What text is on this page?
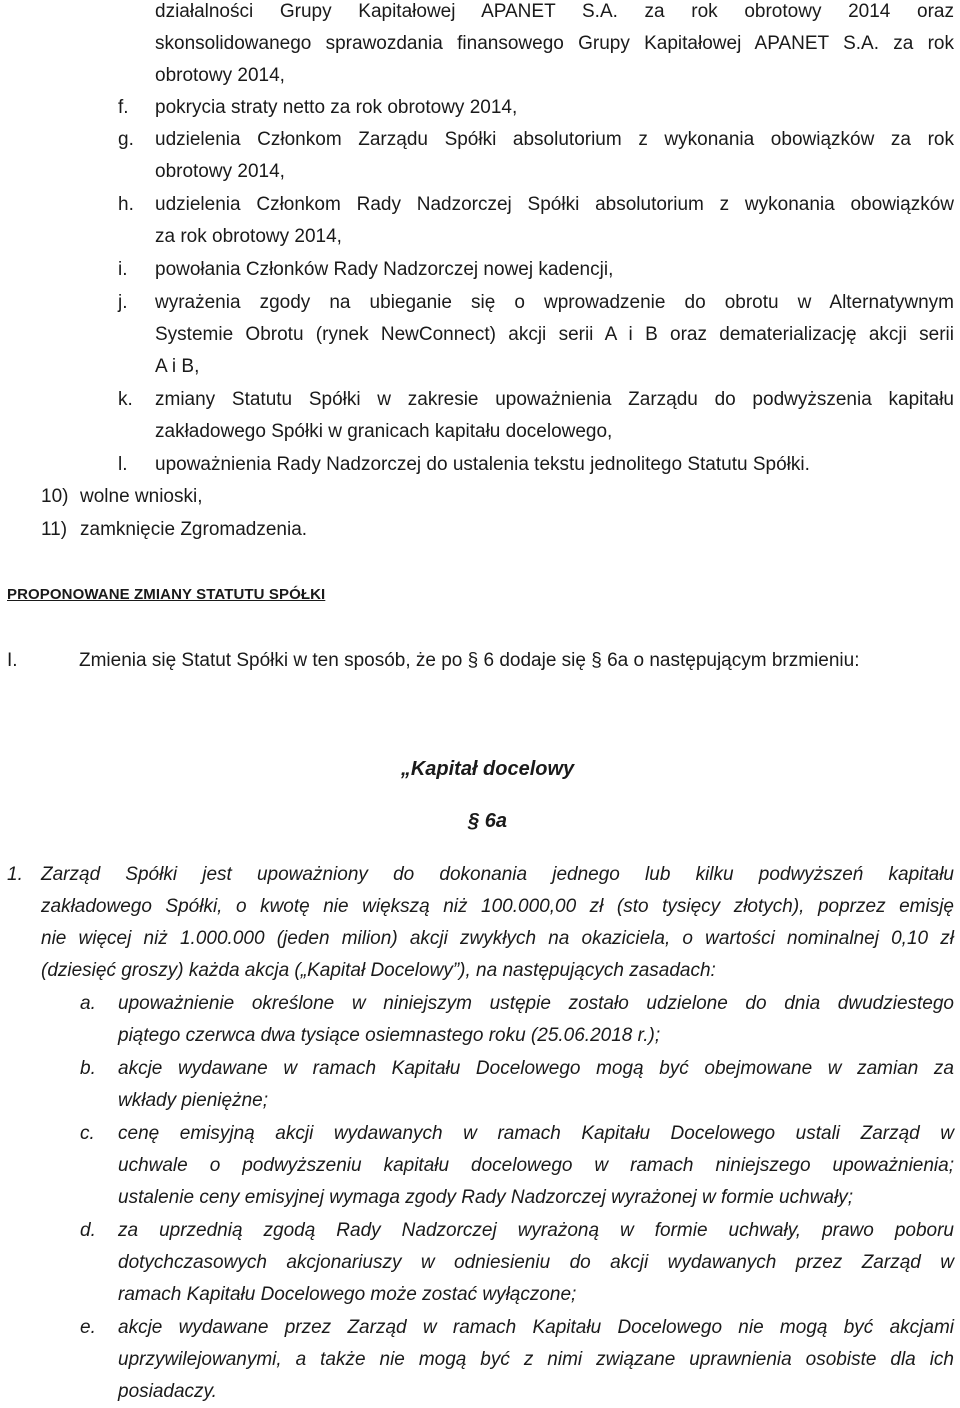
działalności Grupy Kapitałowej APANET S.A. za rok obrotowy 2014 oraz
skonsolidowanego sprawozdania finansowego Grupy Kapitałowej APANET S.A. za rok
obrotowy 2014,
f. pokrycia straty netto za rok obrotowy 2014,
g. udzielenia Członkom Zarządu Spółki absolutorium z wykonania obowiązków za rok
obrotowy 2014,
h. udzielenia Członkom Rady Nadzorczej Spółki absolutorium z wykonania obowiązków
za rok obrotowy 2014,
i. powołania Członków Rady Nadzorczej nowej kadencji,
j. wyrażenia zgody na ubieganie się o wprowadzenie do obrotu w Alternatywnym
Systemie Obrotu (rynek NewConnect) akcji serii A i B oraz dematerializację akcji serii
A i B,
k. zmiany Statutu Spółki w zakresie upoważnienia Zarządu do podwyższenia kapitału
zakładowego Spółki w granicach kapitału docelowego,
l. upoważnienia Rady Nadzorczej do ustalenia tekstu jednolitego Statutu Spółki.
10) wolne wnioski,
11) zamknięcie Zgromadzenia.
PROPONOWANE ZMIANY STATUTU SPÓŁKI
I.	Zmienia się Statut Spółki w ten sposób, że po § 6 dodaje się § 6a o następującym brzmieniu:
„Kapitał docelowy
§ 6a
1. Zarząd Spółki jest upoważniony do dokonania jednego lub kilku podwyższeń kapitału
zakładowego Spółki, o kwotę nie większą niż 100.000,00 zł (sto tysięcy złotych), poprzez emisję
nie więcej niż 1.000.000 (jeden milion) akcji zwykłych na okaziciela, o wartości nominalnej 0,10 zł
(dziesięć groszy) każda akcja („Kapitał Docelowy”), na następujących zasadach:
a. upoważnienie określone w niniejszym ustępie zostało udzielone do dnia dwudziestego
piątego czerwca dwa tysiące osiemnastego roku (25.06.2018 r.);
b. akcje wydawane w ramach Kapitału Docelowego mogą być obejmowane w zamian za
wkłady pieniężne;
c. cenę emisyjną akcji wydawanych w ramach Kapitału Docelowego ustali Zarząd w
uchwale o podwyższeniu kapitału docelowego w ramach niniejszego upoważnienia;
ustalenie ceny emisyjnej wymaga zgody Rady Nadzorczej wyrażonej w formie uchwały;
d. za uprzednią zgodą Rady Nadzorczej wyrażoną w formie uchwały, prawo poboru
dotychczasowych akcjonariuszy w odniesieniu do akcji wydawanych przez Zarząd w
ramach Kapitału Docelowego może zostać wyłączone;
e. akcje wydawane przez Zarząd w ramach Kapitału Docelowego nie mogą być akcjami
uprzywilejowanymi, a także nie mogą być z nimi związane uprawnienia osobiste dla ich
posiadaczy.
